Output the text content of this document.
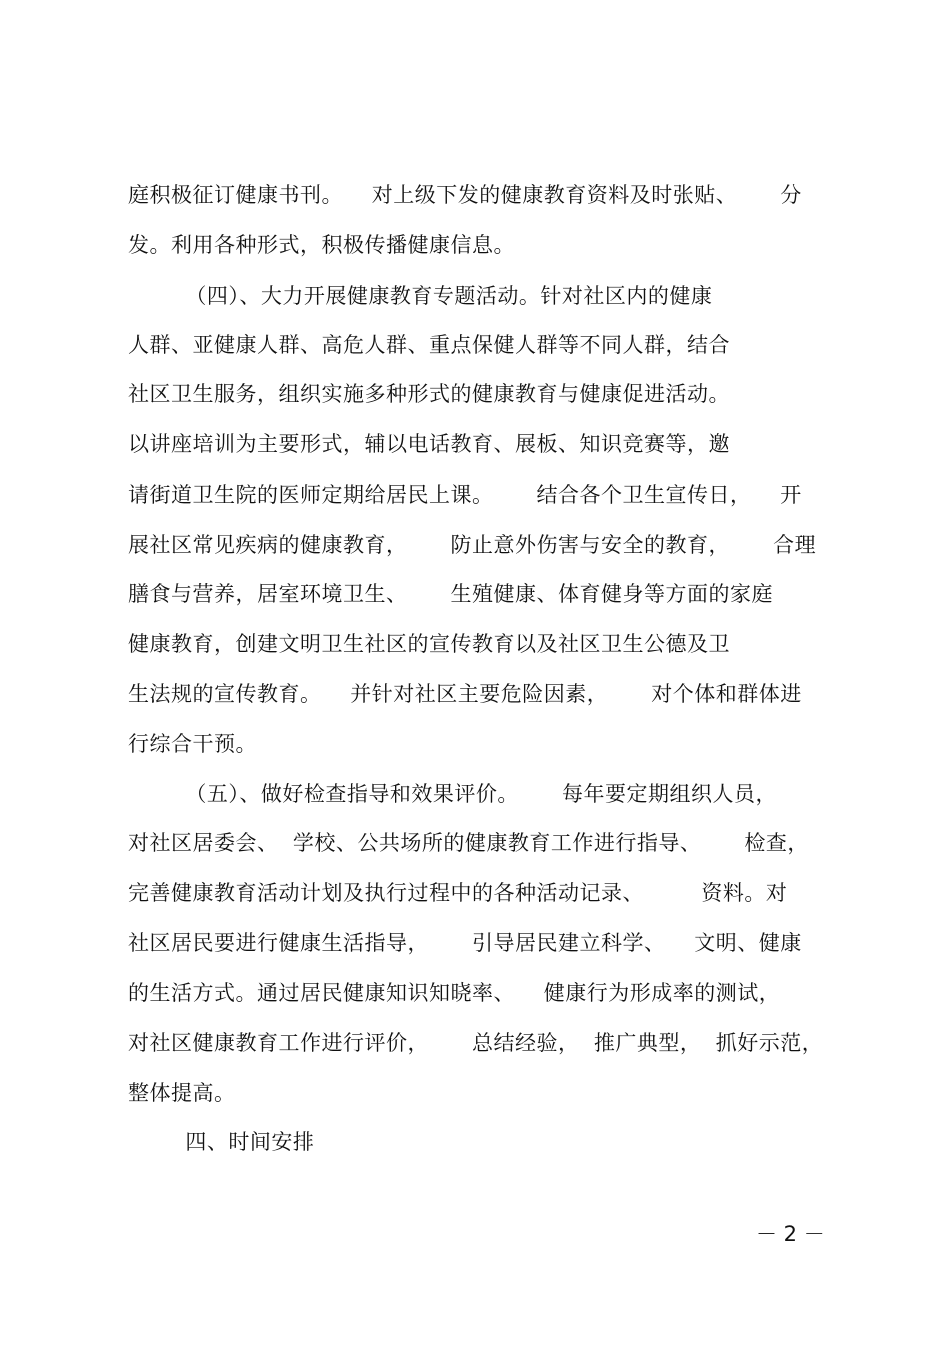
庭积极征订健康书刊。    对上级下发的健康教育资料及时张贴、      分
发。利用各种形式，积极传播健康信息。
（四）、大力开展健康教育专题活动。针对社区内的健康
人群、亚健康人群、高危人群、重点保健人群等不同人群，结合
社区卫生服务，组织实施多种形式的健康教育与健康促进活动。
以讲座培训为主要形式，辅以电话教育、展板、知识竞赛等，邀
请街道卫生院的医师定期给居民上课。      结合各个卫生宣传日，    开
展社区常见疾病的健康教育，      防止意外伤害与安全的教育，      合理
膳食与营养，居室环境卫生、      生殖健康、体育健身等方面的家庭
健康教育，创建文明卫生社区的宣传教育以及社区卫生公德及卫
生法规的宣传教育。    并针对社区主要危险因素，      对个体和群体进
行综合干预。
（五）、做好检查指导和效果评价。      每年要定期组织人员，
对社区居委会、  学校、公共场所的健康教育工作进行指导、      检查，
完善健康教育活动计划及执行过程中的各种活动记录、        资料。对
社区居民要进行健康生活指导，      引导居民建立科学、    文明、健康
的生活方式。通过居民健康知识知晓率、    健康行为形成率的测试，
对社区健康教育工作进行评价，      总结经验，  推广典型，  抓好示范，
整体提高。
四、时间安排
－ 2 －
